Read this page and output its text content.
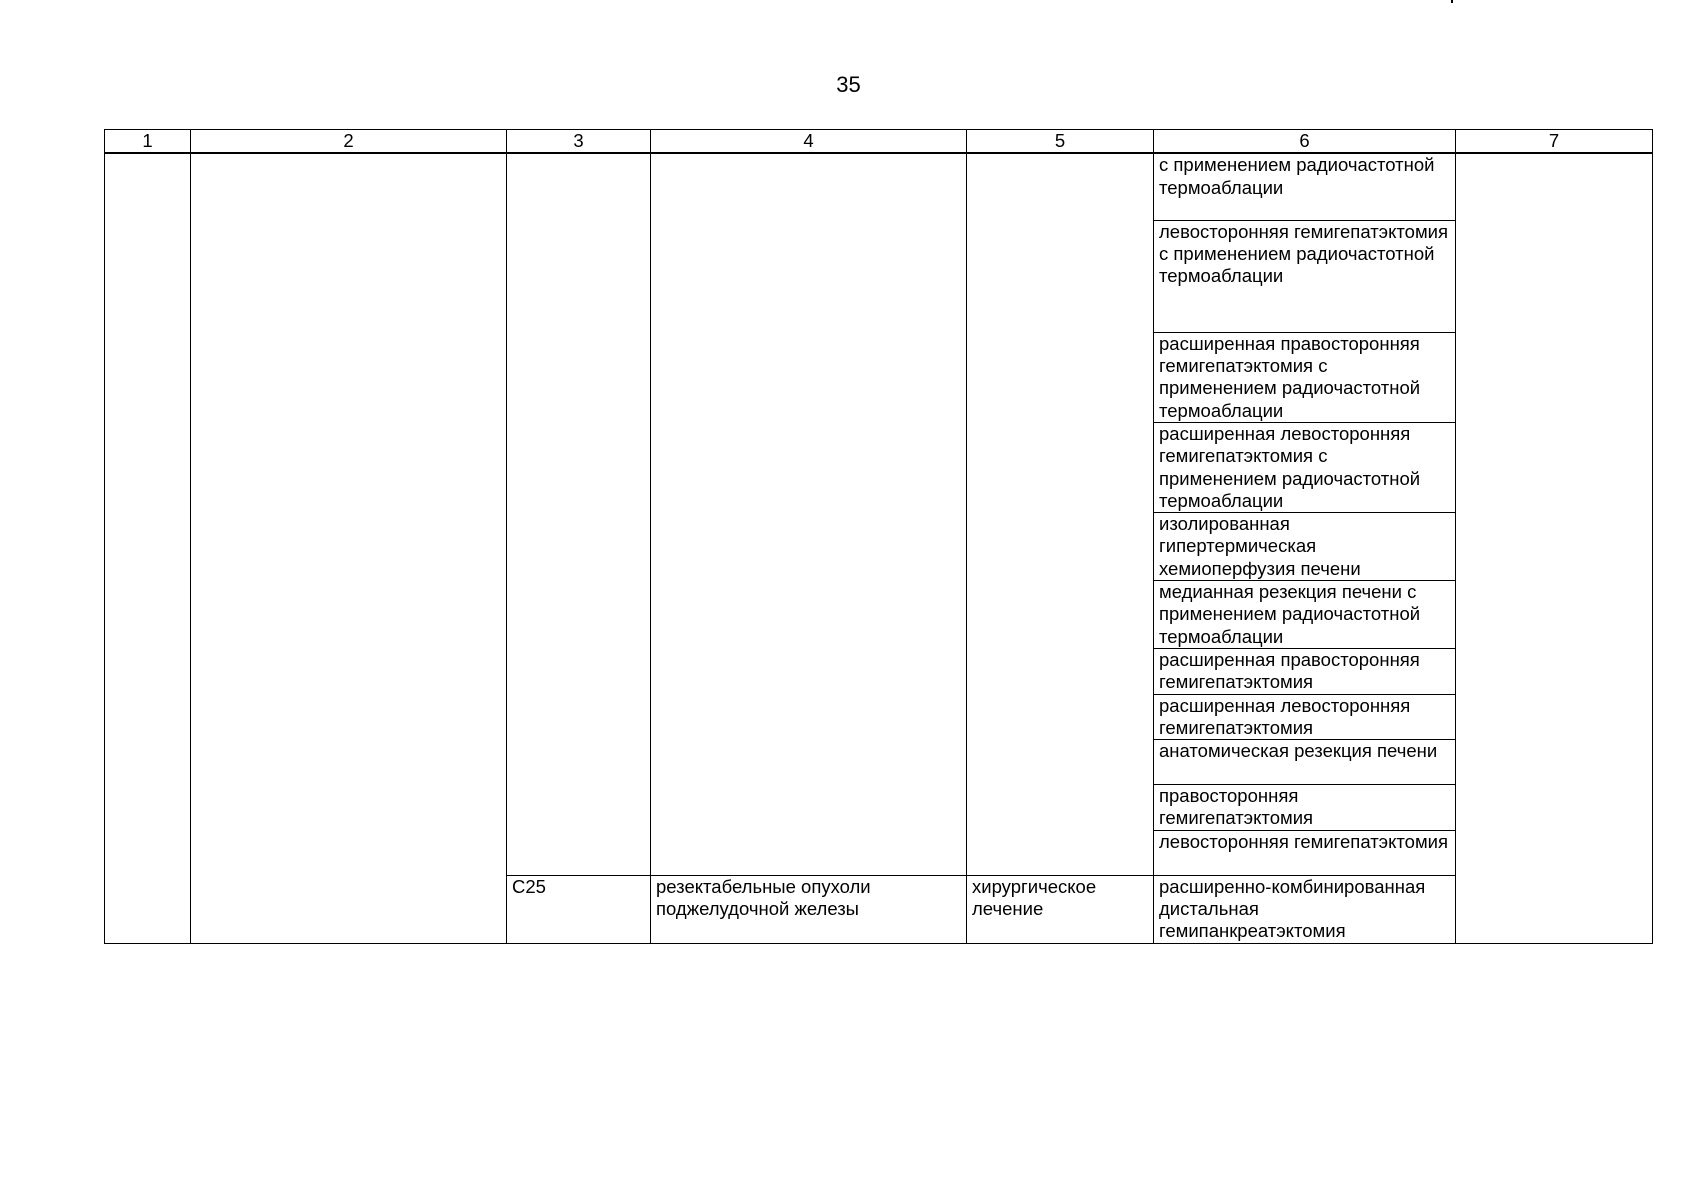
35
1	2	3	4	5	6	7
					с применением радиочастотной термоаблации	
					левосторонняя гемигепатэктомия с применением радиочастотной термоаблации	
					расширенная правосторонняя гемигепатэктомия с применением радиочастотной термоаблации	
					расширенная левосторонняя гемигепатэктомия с применением радиочастотной термоаблации	
					изолированная гипертермическая хемиоперфузия печени	
					медианная резекция печени с применением радиочастотной термоаблации	
					расширенная правосторонняя гемигепатэктомия	
					расширенная левосторонняя гемигепатэктомия	
					анатомическая резекция печени	
					правосторонняя гемигепатэктомия	
					левосторонняя гемигепатэктомия	
		C25	резектабельные опухоли поджелудочной железы	хирургическое лечение	расширенно-комбинированная дистальная гемипанкреатэктомия	
